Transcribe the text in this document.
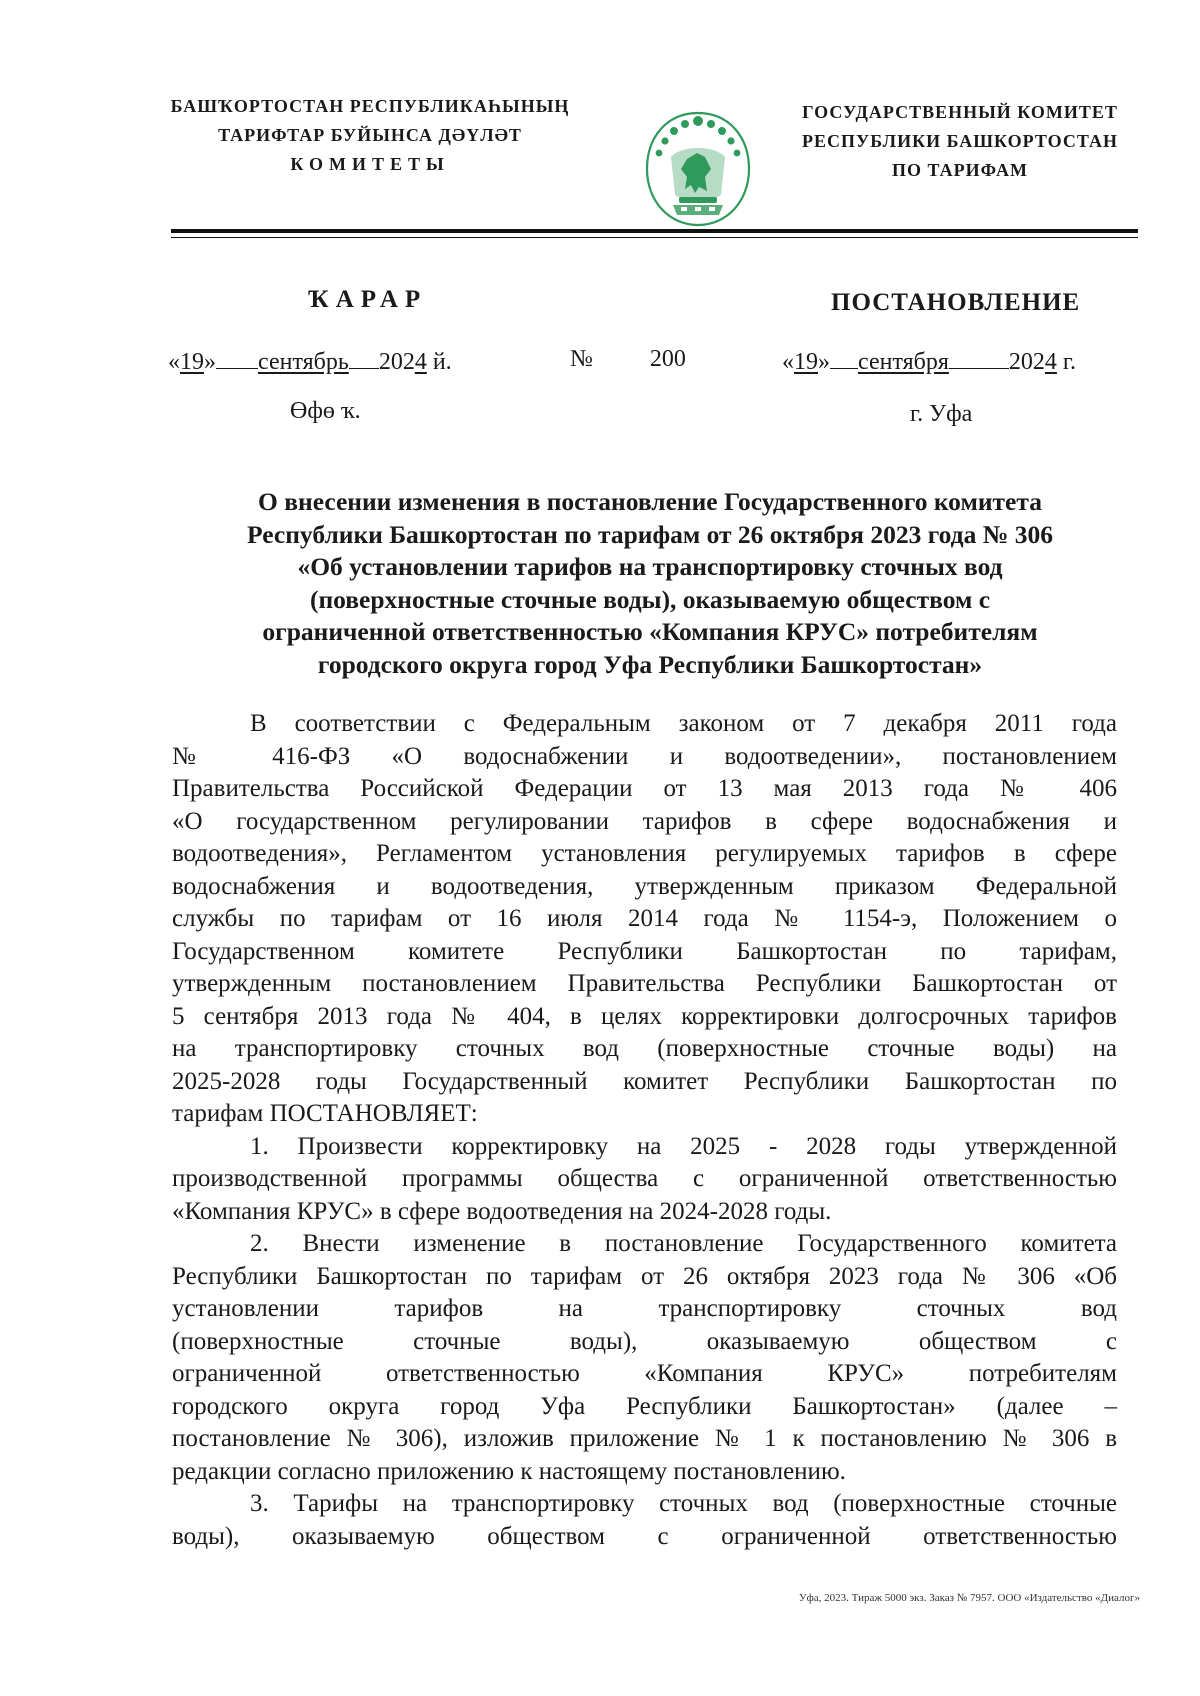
БАШҠОРТОСТАН РЕСПУБЛИКАҺЫНЫҢ
ТАРИФТАР БУЙЫНСА ДӘҮЛӘТ
КОМИТЕТЫ
ГОСУДАРСТВЕННЫЙ КОМИТЕТ
РЕСПУБЛИКИ БАШКОРТОСТАН
ПО ТАРИФАМ
ҠАРАР	ПОСТАНОВЛЕНИЕ
«19» сентябрь 2024 й.	№ 200	«19» сентября	2024 г.
Өфө ҡ.	г. Уфа
О внесении изменения в постановление Государственного комитета
Республики Башкортостан по тарифам от 26 октября 2023 года № 306
«Об установлении тарифов на транспортировку сточных вод
(поверхностные сточные воды), оказываемую обществом с
ограниченной ответственностью «Компания КРУС» потребителям
городского округа город Уфа Республики Башкортостан»
В соответствии с Федеральным законом от 7 декабря 2011 года
№ 416-ФЗ «О водоснабжении и водоотведении», постановлением
Правительства Российской Федерации от 13 мая 2013 года № 406
«О государственном регулировании тарифов в сфере водоснабжения и
водоотведения», Регламентом установления регулируемых тарифов в сфере
водоснабжения и водоотведения, утвержденным приказом Федеральной
службы по тарифам от 16 июля 2014 года № 1154-э, Положением о
Государственном комитете Республики Башкортостан по тарифам,
утвержденным постановлением Правительства Республики Башкортостан от
5 сентября 2013 года № 404, в целях корректировки долгосрочных тарифов
на транспортировку сточных вод (поверхностные сточные воды) на
2025-2028 годы Государственный комитет Республики Башкортостан по
тарифам ПОСТАНОВЛЯЕТ:
1. Произвести корректировку на 2025 - 2028 годы утвержденной
производственной программы общества с ограниченной ответственностью
«Компания КРУС» в сфере водоотведения на 2024-2028 годы.
2. Внести изменение в постановление Государственного комитета
Республики Башкортостан по тарифам от 26 октября 2023 года № 306 «Об
установлении тарифов на транспортировку сточных вод
(поверхностные сточные воды), оказываемую обществом с
ограниченной ответственностью «Компания КРУС» потребителям
городского округа город Уфа Республики Башкортостан» (далее –
постановление № 306), изложив приложение № 1 к постановлению № 306 в
редакции согласно приложению к настоящему постановлению.
3. Тарифы на транспортировку сточных вод (поверхностные сточные
воды), оказываемую обществом с ограниченной ответственностью
Уфа, 2023. Тираж 5000 экз. Заказ № 7957. ООО «Издательство «Диалог»
